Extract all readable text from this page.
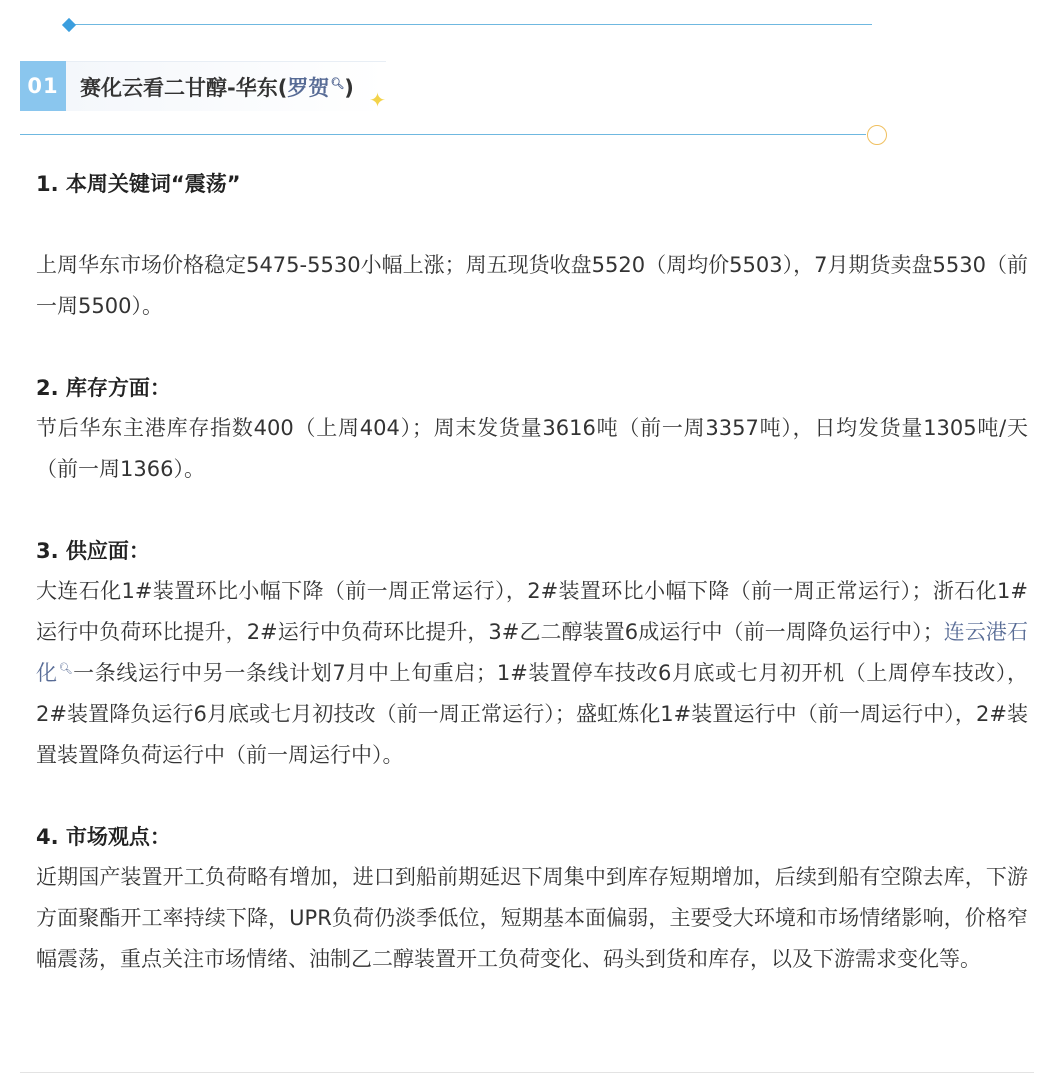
01	赛化云看二甘醇-华东(罗贺🔍︎)
✦
1. 本周关键词“震荡”
上周华东市场价格稳定5475-5530小幅上涨；周五现货收盘5520（周均价5503），7月期货卖盘5530（前一周5500）。
2. 库存方面：
节后华东主港库存指数400（上周404）；周末发货量3616吨（前一周3357吨），日均发货量1305吨/天（前一周1366）。
3. 供应面：
大连石化1#装置环比小幅下降（前一周正常运行），2#装置环比小幅下降（前一周正常运行）；浙石化1#运行中负荷环比提升，2#运行中负荷环比提升，3#乙二醇装置6成运行中（前一周降负运行中）；连云港石化🔍︎一条线运行中另一条线计划7月中上旬重启；1#装置停车技改6月底或七月初开机（上周停车技改），2#装置降负运行6月底或七月初技改（前一周正常运行）；盛虹炼化1#装置运行中（前一周运行中），2#装置装置降负荷运行中（前一周运行中）。
4. 市场观点：
近期国产装置开工负荷略有增加，进口到船前期延迟下周集中到库存短期增加，后续到船有空隙去库，下游方面聚酯开工率持续下降，UPR负荷仍淡季低位，短期基本面偏弱，主要受大环境和市场情绪影响，价格窄幅震荡，重点关注市场情绪、油制乙二醇装置开工负荷变化、码头到货和库存，以及下游需求变化等。
